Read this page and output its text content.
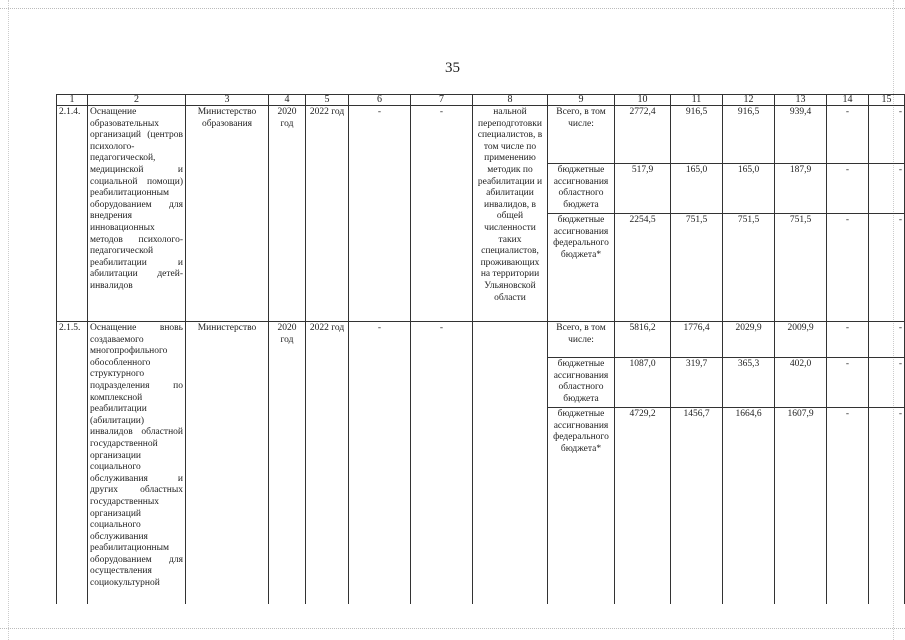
35
1	2	3	4	5	6	7	8	9	10	11	12	13	14	15
2.1.4.	Оснащение образовательных организаций (центров психолого-педагогической, медицинской и социальной помощи) реабилитационным оборудованием для внедрения инновационных методов психолого-педагогической реабилитации и абилитации детей-инвалидов	Министерство образования	2020 год	2022 год	-	-	нальной переподготовки специалистов, в том числе по применению методик по реабилитации и абилитации инвалидов, в общей численности таких специалистов, проживающих на территории Ульяновской области	Всего, в том числе:	2772,4	916,5	916,5	939,4	-	-
								бюджетные ассигнования областного бюджета	517,9	165,0	165,0	187,9	-	-
								бюджетные ассигнования федерального бюджета*	2254,5	751,5	751,5	751,5	-	-
2.1.5.	Оснащение вновь создаваемого многопрофильного обособленного структурного подразделения по комплексной реабилитации (абилитации) инвалидов областной государственной организации социального обслуживания и других областных государственных организаций социального обслуживания реабилитационным оборудованием для осуществления социокультурной	Министерство	2020 год	2022 год	-	-		Всего, в том числе:	5816,2	1776,4	2029,9	2009,9	-	-
								бюджетные ассигнования областного бюджета	1087,0	319,7	365,3	402,0	-	-
								бюджетные ассигнования федерального бюджета*	4729,2	1456,7	1664,6	1607,9	-	-
